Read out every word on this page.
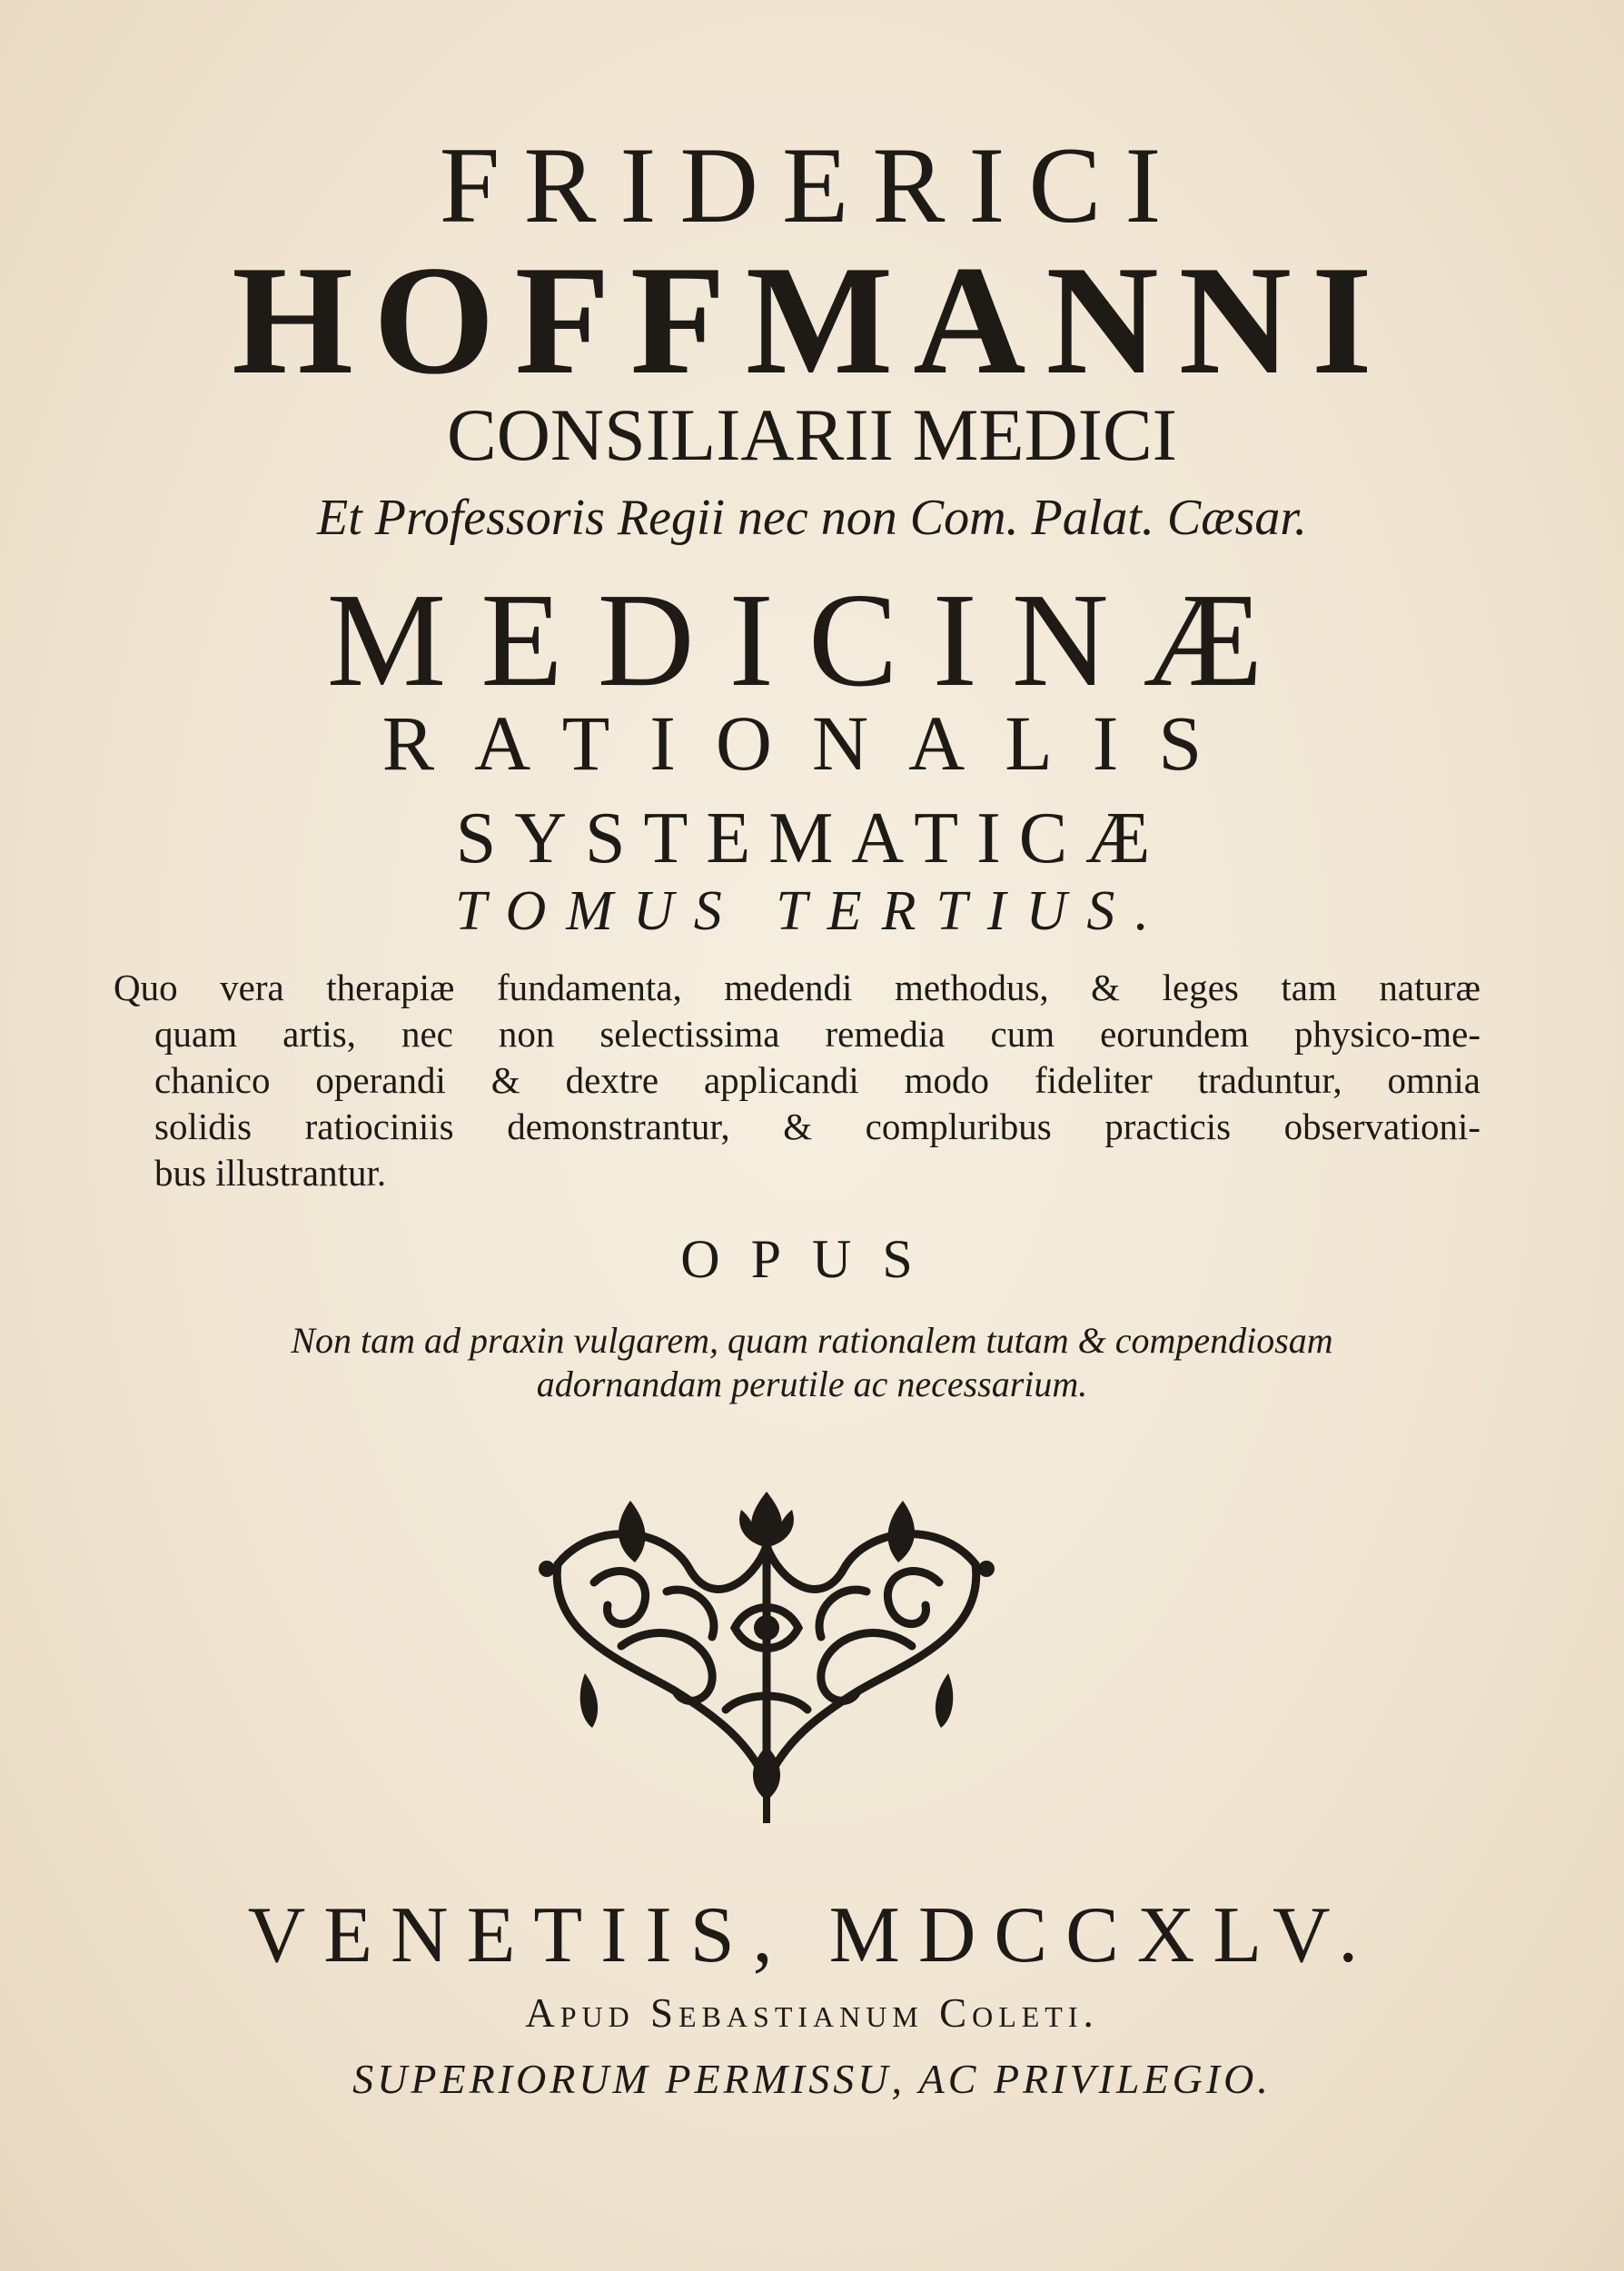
FRIDERICI
HOFFMANNI
CONSILIARII MEDICI
Et Professoris Regii nec non Com. Palat. Cæsar.
MEDICINÆ
RATIONALIS
SYSTEMATICÆ
TOMUS TERTIUS.
Quo vera therapiæ fundamenta, medendi methodus, & leges tam naturæ
quam artis, nec non selectissima remedia cum eorundem physico-me-
chanico operandi & dextre applicandi modo fideliter traduntur, omnia
solidis ratiociniis demonstrantur, & compluribus practicis observationi-
bus illustrantur.
OPUS
Non tam ad praxin vulgarem, quam rationalem tutam & compendiosam
adornandam perutile ac necessarium.
VENETIIS, MDCCXLV.
Apud Sebastianum Coleti.
SUPERIORUM PERMISSU, AC PRIVILEGIO.
